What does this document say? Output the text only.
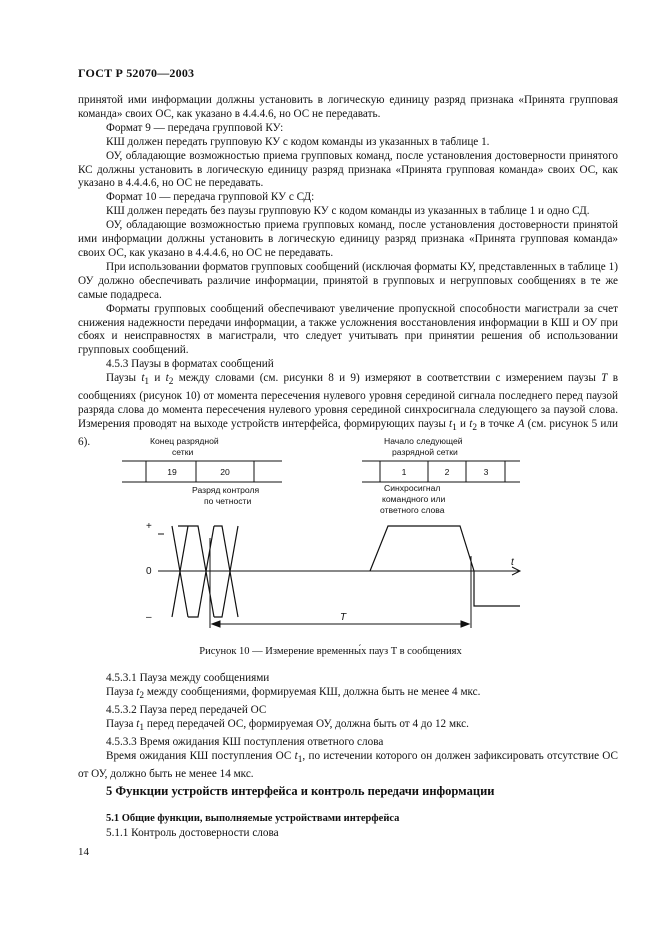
ГОСТ Р 52070—2003

принятой ими информации должны установить в логическую единицу разряд признака «Принята групповая команда» своих ОС, как указано в 4.4.4.6, но ОС не передавать.

Формат 9 — передача групповой КУ:

КШ должен передать групповую КУ с кодом команды из указанных в таблице 1.

ОУ, обладающие возможностью приема групповых команд, после установления достоверности принятого КС должны установить в логическую единицу разряд признака «Принята групповая команда» своих ОС, как указано в 4.4.4.6, но ОС не передавать.

Формат 10 — передача групповой КУ с СД:

КШ должен передать без паузы групповую КУ с кодом команды из указанных в таблице 1 и одно СД.

ОУ, обладающие возможностью приема групповых команд, после установления достоверности принятой ими информации должны установить в логическую единицу разряд признака «Принята групповая команда» своих ОС, как указано в 4.4.4.6, но ОС не передавать.

При использовании форматов групповых сообщений (исключая форматы КУ, представленных в таблице 1) ОУ должно обеспечивать различие информации, принятой в групповых и негрупповых сообщениях в те же самые подадреса.

Форматы групповых сообщений обеспечивают увеличение пропускной способности магистрали за счет снижения надежности передачи информации, а также усложнения восстановления информации в КШ и ОУ при сбоях и неисправностях в магистрали, что следует учитывать при принятии решения об использовании групповых сообщений.

4.5.3 Паузы в форматах сообщений

Паузы $t_1$ и $t_2$ между словами (см. рисунки 8 и 9) измеряют в соответствии с измерением паузы T в сообщениях (рисунок 10) от момента пересечения нулевого уровня серединой сигнала последнего перед паузой разряда слова до момента пересечения нулевого уровня серединой синхросигнала следующего за паузой слова. Измерения проводят на выходе устройств интерфейса, формирующих паузы $t_1$ и $t_2$ в точке А (см. рисунок 5 или 6).	Конец разрядной
сетки
Начало следующей
разрядной сетки
19	20	1	2	3
Разряд контроля
по четности
Синхросигнал
командного или
ответного слова
+
0
–
t
T
Рисунок 10 — Измерение временны́х пауз T в сообщениях

4.5.3.1 Пауза между сообщениями

Пауза $t_2$ между сообщениями, формируемая КШ, должна быть не менее 4 мкс.

4.5.3.2 Пауза перед передачей ОС

Пауза $t_1$ перед передачей ОС, формируемая ОУ, должна быть от 4 до 12 мкс.

4.5.3.3 Время ожидания КШ поступления ответного слова

Время ожидания КШ поступления ОС $t_1$, по истечении которого он должен зафиксировать отсутствие ОС от ОУ, должно быть не менее 14 мкс.

5 Функции устройств интерфейса и контроль передачи информации
5.1 Общие функции, выполняемые устройствами интерфейса
5.1.1 Контроль достоверности слова
14
